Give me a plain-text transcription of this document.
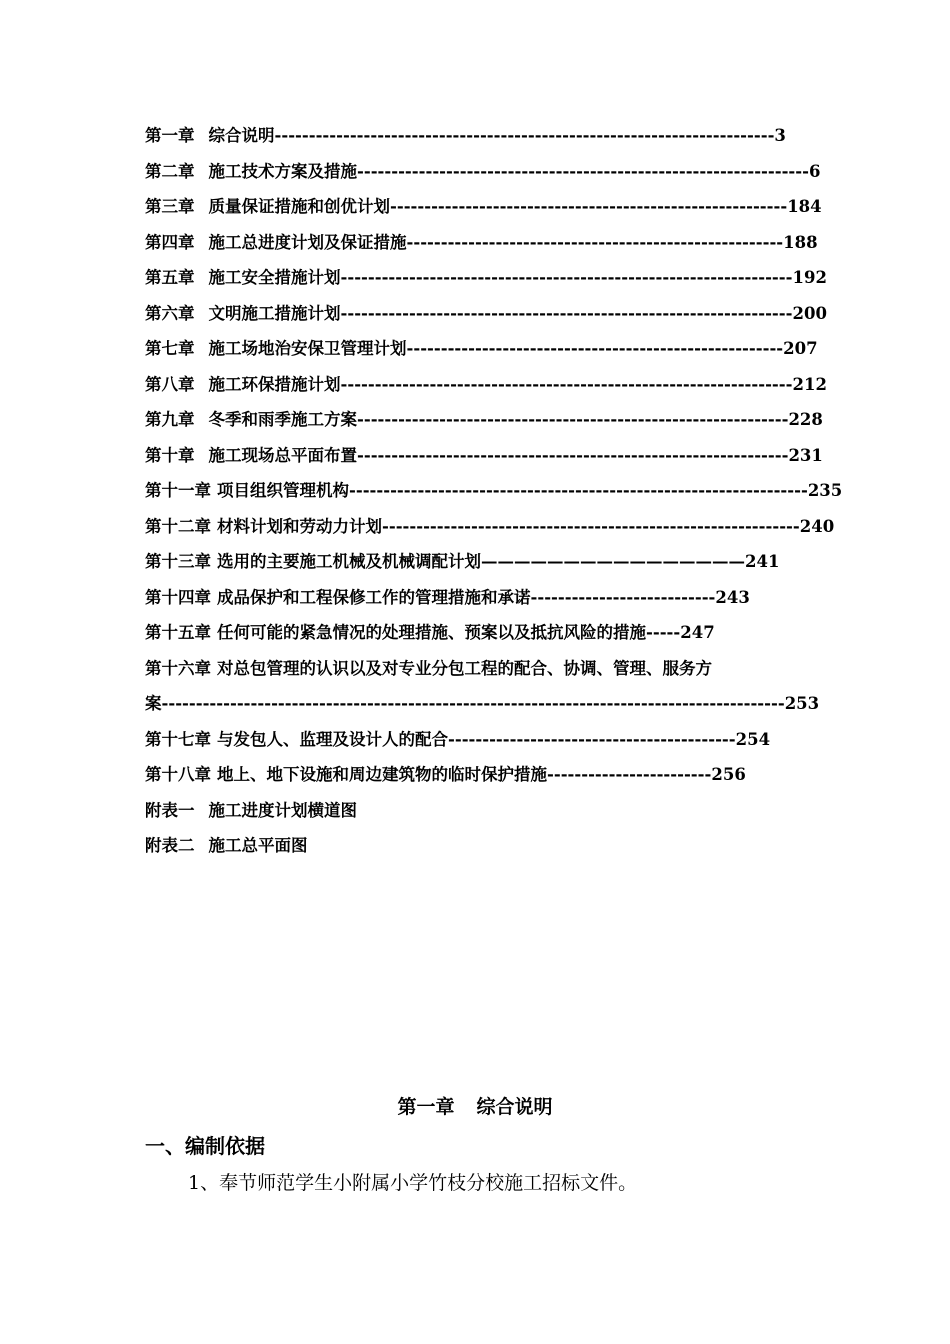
第一章 综合说明-------------------------------------------------------------------------3
第二章 施工技术方案及措施------------------------------------------------------------------6
第三章 质量保证措施和创优计划----------------------------------------------------------184
第四章 施工总进度计划及保证措施-------------------------------------------------------188
第五章 施工安全措施计划------------------------------------------------------------------192
第六章 文明施工措施计划------------------------------------------------------------------200
第七章 施工场地治安保卫管理计划-------------------------------------------------------207
第八章 施工环保措施计划------------------------------------------------------------------212
第九章 冬季和雨季施工方案---------------------------------------------------------------228
第十章 施工现场总平面布置---------------------------------------------------------------231
第十一章 项目组织管理机构-------------------------------------------------------------------235
第十二章 材料计划和劳动力计划-------------------------------------------------------------240
第十三章 选用的主要施工机械及机械调配计划————————————————241
第十四章 成品保护和工程保修工作的管理措施和承诺---------------------------243
第十五章 任何可能的紧急情况的处理措施、预案以及抵抗风险的措施-----247
第十六章 对总包管理的认识以及对专业分包工程的配合、协调、管理、服务方
案-------------------------------------------------------------------------------------------253
第十七章 与发包人、监理及设计人的配合------------------------------------------254
第十八章 地上、地下设施和周边建筑物的临时保护措施------------------------256
附表一 施工进度计划横道图
附表二 施工总平面图
第一章 综合说明
一、编制依据
1、奉节师范学生小附属小学竹枝分校施工招标文件。
